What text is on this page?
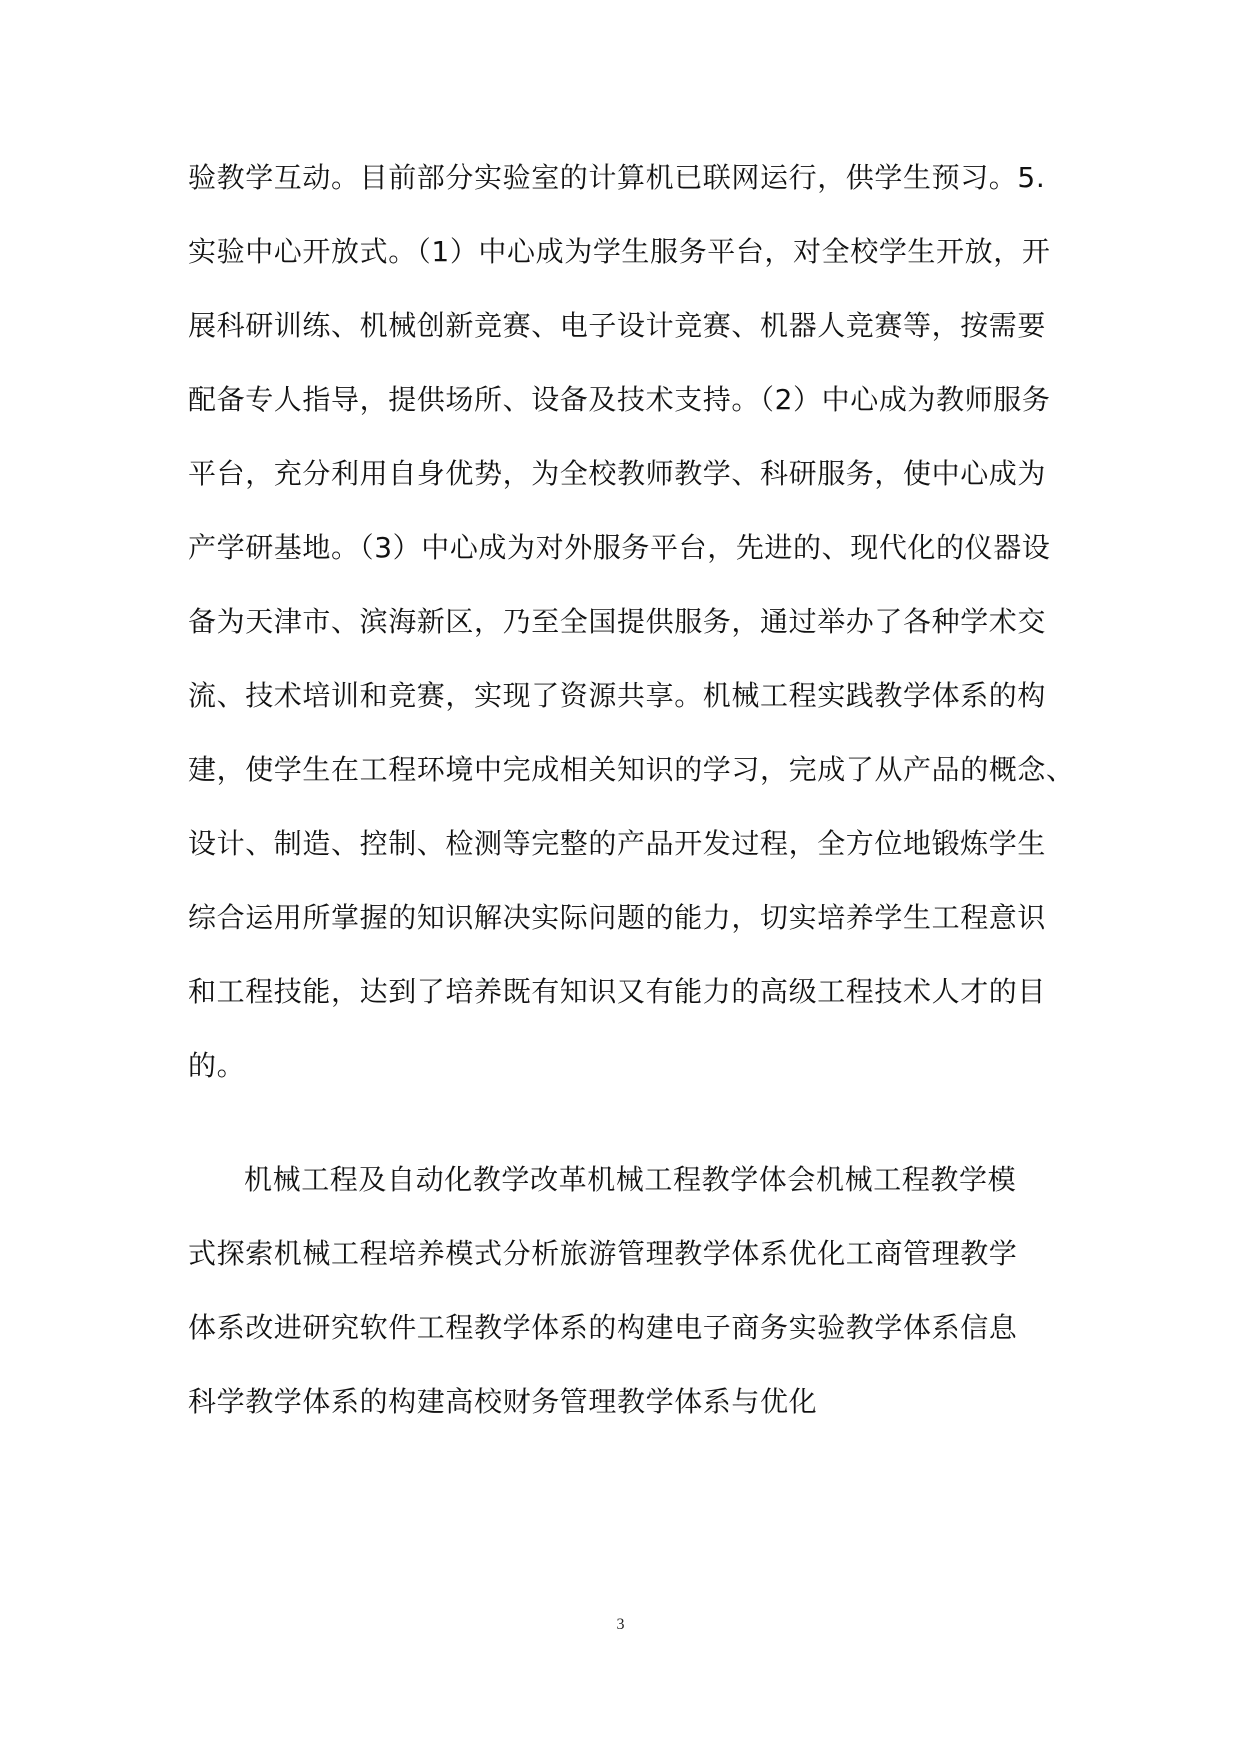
验教学互动。目前部分实验室的计算机已联网运行，供学生预习。5.
实验中心开放式。（1）中心成为学生服务平台，对全校学生开放，开
展科研训练、机械创新竞赛、电子设计竞赛、机器人竞赛等，按需要
配备专人指导，提供场所、设备及技术支持。（2）中心成为教师服务
平台，充分利用自身优势，为全校教师教学、科研服务，使中心成为
产学研基地。（3）中心成为对外服务平台，先进的、现代化的仪器设
备为天津市、滨海新区，乃至全国提供服务，通过举办了各种学术交
流、技术培训和竞赛，实现了资源共享。机械工程实践教学体系的构
建，使学生在工程环境中完成相关知识的学习，完成了从产品的概念、
设计、制造、控制、检测等完整的产品开发过程，全方位地锻炼学生
综合运用所掌握的知识解决实际问题的能力，切实培养学生工程意识
和工程技能，达到了培养既有知识又有能力的高级工程技术人才的目
的。
机械工程及自动化教学改革机械工程教学体会机械工程教学模
式探索机械工程培养模式分析旅游管理教学体系优化工商管理教学
体系改进研究软件工程教学体系的构建电子商务实验教学体系信息
科学教学体系的构建高校财务管理教学体系与优化
3
